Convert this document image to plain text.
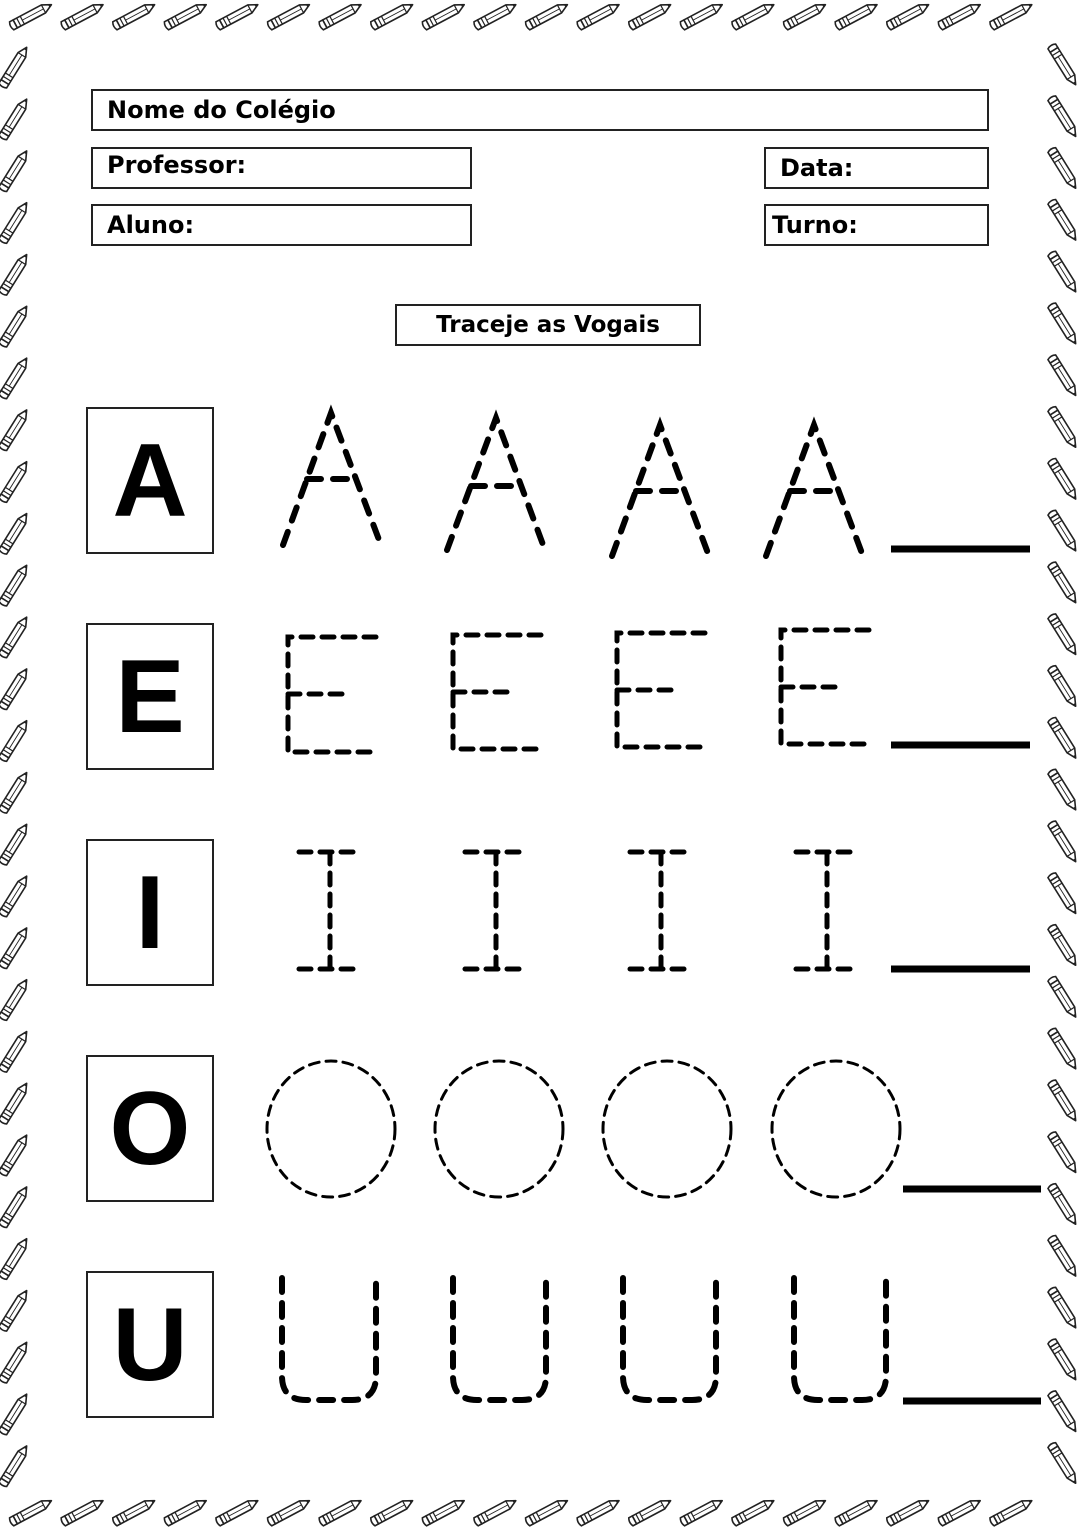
Nome do Colégio
Professor:	Data:
Aluno:	Turno:
Traceje as Vogais
A
E
I
O
U
